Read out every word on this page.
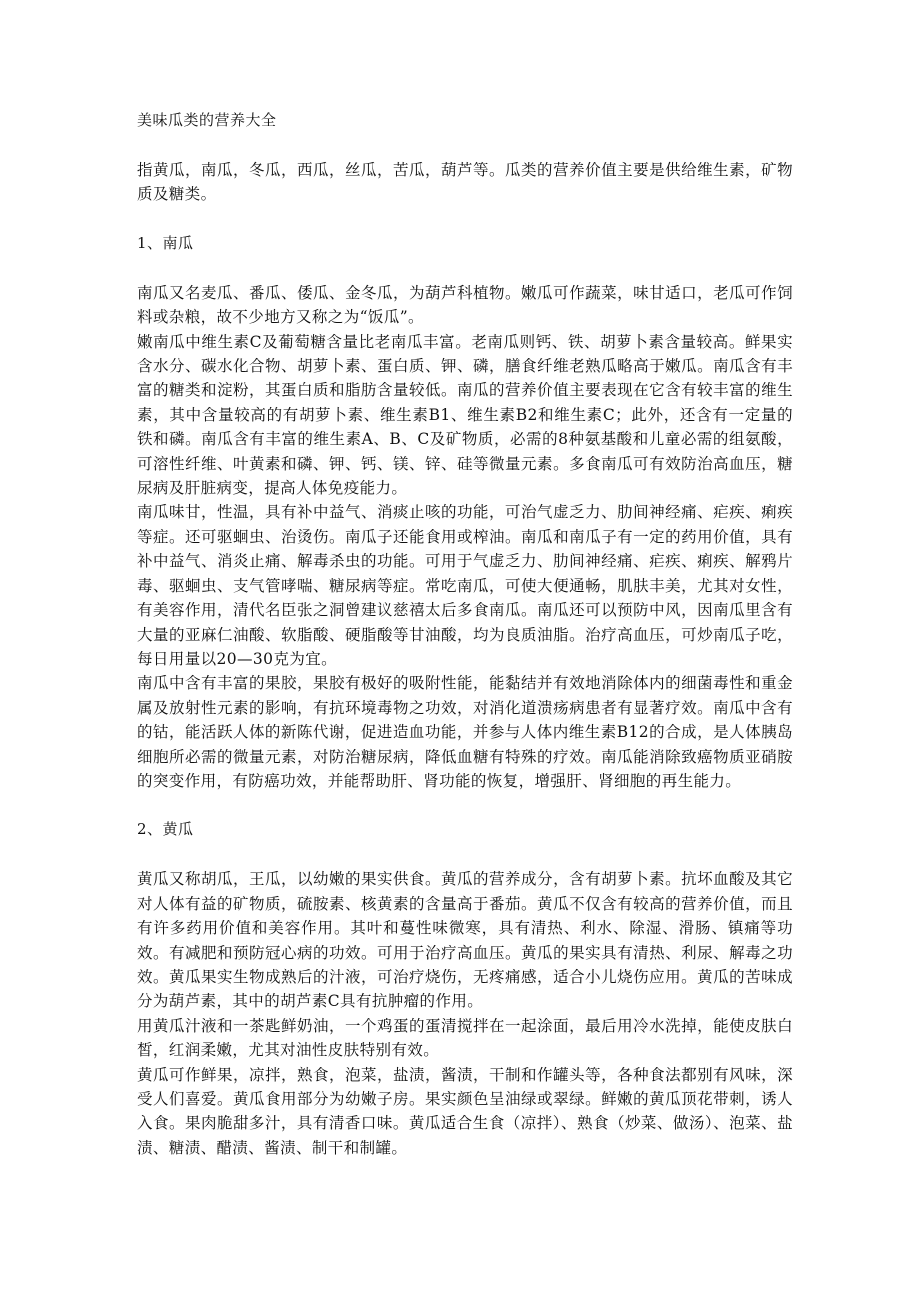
美味瓜类的营养大全

指黄瓜，南瓜，冬瓜，西瓜，丝瓜，苦瓜，葫芦等。瓜类的营养价值主要是供给维生素，矿物质及糖类。

1、南瓜

南瓜又名麦瓜、番瓜、倭瓜、金冬瓜，为葫芦科植物。嫩瓜可作蔬菜，味甘适口，老瓜可作饲料或杂粮，故不少地方又称之为“饭瓜”。

嫩南瓜中维生素C及葡萄糖含量比老南瓜丰富。老南瓜则钙、铁、胡萝卜素含量较高。鲜果实含水分、碳水化合物、胡萝卜素、蛋白质、钾、磷，膳食纤维老熟瓜略高于嫩瓜。南瓜含有丰富的糖类和淀粉，其蛋白质和脂肪含量较低。南瓜的营养价值主要表现在它含有较丰富的维生素，其中含量较高的有胡萝卜素、维生素B1、维生素B2和维生素C；此外，还含有一定量的铁和磷。南瓜含有丰富的维生素A、B、C及矿物质，必需的8种氨基酸和儿童必需的组氨酸，可溶性纤维、叶黄素和磷、钾、钙、镁、锌、硅等微量元素。多食南瓜可有效防治高血压，糖尿病及肝脏病变，提高人体免疫能力。

南瓜味甘，性温，具有补中益气、消痰止咳的功能，可治气虚乏力、肋间神经痛、疟疾、痢疾等症。还可驱蛔虫、治烫伤。南瓜子还能食用或榨油。南瓜和南瓜子有一定的药用价值，具有补中益气、消炎止痛、解毒杀虫的功能。可用于气虚乏力、肋间神经痛、疟疾、痢疾、解鸦片毒、驱蛔虫、支气管哮喘、糖尿病等症。常吃南瓜，可使大便通畅，肌肤丰美，尤其对女性，有美容作用，清代名臣张之洞曾建议慈禧太后多食南瓜。南瓜还可以预防中风，因南瓜里含有大量的亚麻仁油酸、软脂酸、硬脂酸等甘油酸，均为良质油脂。治疗高血压，可炒南瓜子吃，每日用量以20—30克为宜。

南瓜中含有丰富的果胶，果胶有极好的吸附性能，能黏结并有效地消除体内的细菌毒性和重金属及放射性元素的影响，有抗环境毒物之功效，对消化道溃疡病患者有显著疗效。南瓜中含有的钴，能活跃人体的新陈代谢，促进造血功能，并参与人体内维生素B12的合成，是人体胰岛细胞所必需的微量元素，对防治糖尿病，降低血糖有特殊的疗效。南瓜能消除致癌物质亚硝胺的突变作用，有防癌功效，并能帮助肝、肾功能的恢复，增强肝、肾细胞的再生能力。

2、黄瓜

黄瓜又称胡瓜，王瓜，以幼嫩的果实供食。黄瓜的营养成分，含有胡萝卜素。抗坏血酸及其它对人体有益的矿物质，硫胺素、核黄素的含量高于番茄。黄瓜不仅含有较高的营养价值，而且有许多药用价值和美容作用。其叶和蔓性味微寒，具有清热、利水、除湿、滑肠、镇痛等功效。有减肥和预防冠心病的功效。可用于治疗高血压。黄瓜的果实具有清热、利尿、解毒之功效。黄瓜果实生物成熟后的汁液，可治疗烧伤，无疼痛感，适合小儿烧伤应用。黄瓜的苦味成分为葫芦素，其中的胡芦素C具有抗肿瘤的作用。

用黄瓜汁液和一茶匙鲜奶油，一个鸡蛋的蛋清搅拌在一起涂面，最后用冷水洗掉，能使皮肤白皙，红润柔嫩，尤其对油性皮肤特别有效。

黄瓜可作鲜果，凉拌，熟食，泡菜，盐渍，酱渍，干制和作罐头等，各种食法都别有风味，深受人们喜爱。黄瓜食用部分为幼嫩子房。果实颜色呈油绿或翠绿。鲜嫩的黄瓜顶花带刺，诱人入食。果肉脆甜多汁，具有清香口味。黄瓜适合生食（凉拌）、熟食（炒菜、做汤）、泡菜、盐渍、糖渍、醋渍、酱渍、制干和制罐。
